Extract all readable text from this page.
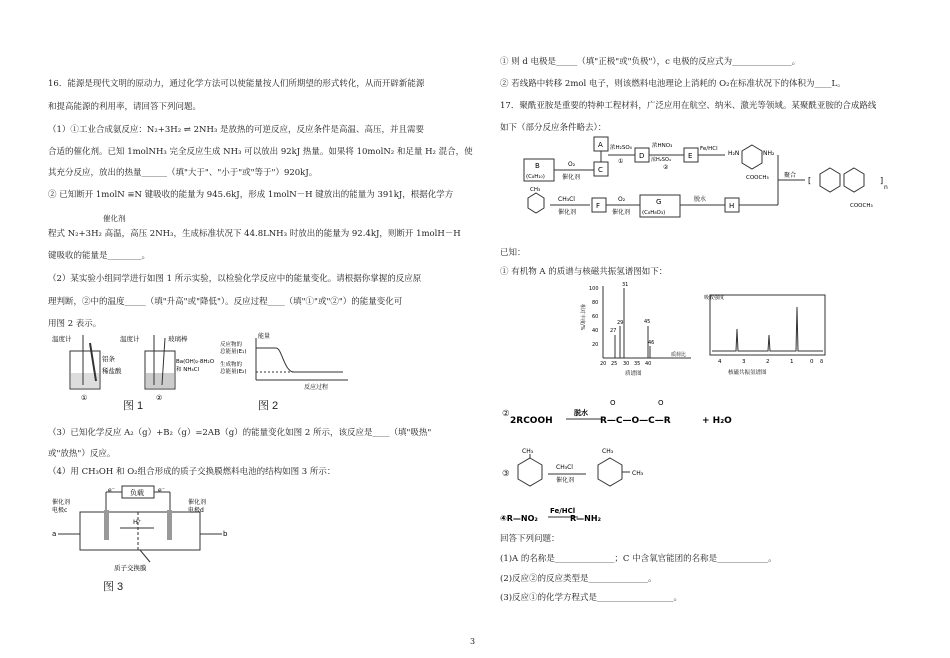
16．能源是现代文明的原动力，通过化学方法可以使能量按人们所期望的形式转化，从而开辟新能源
和提高能源的利用率，请回答下列问题。
（1）①工业合成氨反应：N₂+3H₂ ⇌ 2NH₃ 是放热的可逆反应，反应条件是高温、高压，并且需要
合适的催化剂。已知 1molNH₃ 完全反应生成 NH₃ 可以放出 92kJ 热量。如果将 10molN₂ 和足量 H₂ 混合，使
其充分反应，放出的热量______（填"大于"、"小于"或"等于"）920kJ。
② 已知断开 1molN ≡N 键吸收的能量为 945.6kJ，形成 1molN－H 键放出的能量为 391kJ，根据化学方
催化剂
程式 N₂+3H₂ 高温，高压 2NH₃，生成标准状况下 44.8LNH₃ 时放出的能量为 92.4kJ，则断开 1molH－H
键吸收的能量是________。
（2）某实验小组同学进行如图 1 所示实验，以检验化学反应中的能量变化。请根据你掌握的反应原
理判断，②中的温度_____（填"升高"或"降低"）。反应过程____（填"①"或"②"）的能量变化可
用图 2 表示。
温度计	温度计	玻璃棒
铝条
稀盐酸
Ba(OH)₂·8H₂O
和 NH₄Cl
①	②
能量
反应物的
总能量(E₁)
生成物的
总能量(E₂)
反应过程
图 1	图 2
（3）已知化学反应 A₂（g）+B₂（g）=2AB（g）的能量变化如图 2 所示，该反应是____（填"吸热"
或"放热"）反应。
（4）用 CH₃OH 和 O₂组合形成的质子交换膜燃料电池的结构如图 3 所示：
负载
e⁻	e⁻
H⁺
a	b
催化剂
电极c
催化剂
电极d
质子交换膜
图 3
① 则 d 电极是_____（填"正极"或"负极"），c 电极的反应式为______________。
② 若线路中转移 2mol 电子，则该燃料电池理论上消耗的 O₂在标准状况下的体积为____L。
17．聚酰亚胺是重要的特种工程材料，广泛应用在航空、纳米、激光等领域。某聚酰亚胺的合成路线
如下（部分反应条件略去）：
B
(C₈H₁₀)
O₂
催化剂
C
A 浓H₂SO₄
①
D
浓HNO₃
浓H₂SO₄
②
E
Fe/HCl
H₂N	NH₂
COOCH₃	聚合
[	]
n
COOCH₃
CH₃
CH₃Cl
催化剂
F
O₂
催化剂
G
(C₈H₈O₃)
脱水
H
已知：
① 有机物 A 的质谱与核磁共振氢谱图如下：
相对丰度/%
100
80
60
40
20
27
29
31
45
46
20 25 30 35 40
质荷比
质谱图
吸收强度
4	3	2	1	0 δ
核磁共振氢谱图
②
2RCOOH
脱水
O	O
R—C—O—C—R	+ H₂O
③
CH₃
CH₃Cl
催化剂
CH₃
CH₃
④R—NO₂
Fe/HCl
R—NH₂
回答下列问题：
(1)A 的名称是______________；C 中含氧官能团的名称是____________。
(2)反应②的反应类型是______________。
(3)反应①的化学方程式是__________________。
3
